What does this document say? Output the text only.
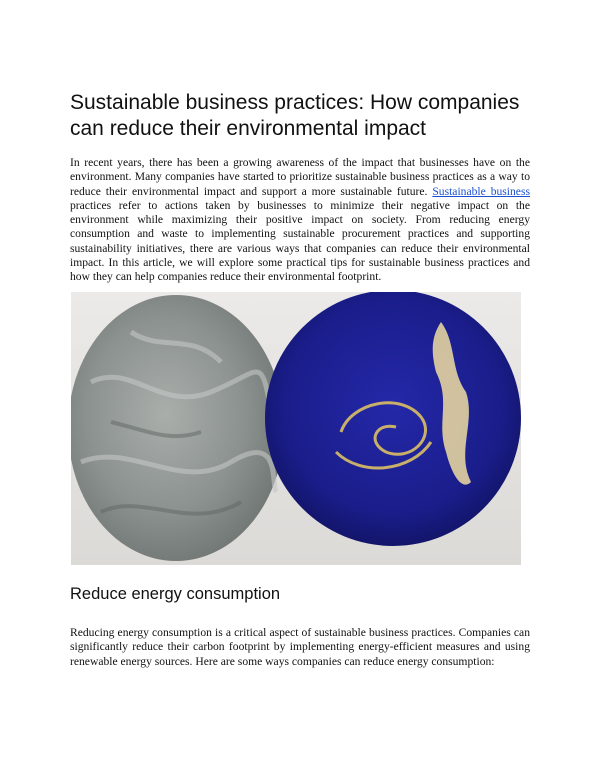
Sustainable business practices: How companies can reduce their environmental impact

In recent years, there has been a growing awareness of the impact that businesses have on the environment. Many companies have started to prioritize sustainable business practices as a way to reduce their environmental impact and support a more sustainable future. Sustainable business practices refer to actions taken by businesses to minimize their negative impact on the environment while maximizing their positive impact on society. From reducing energy consumption and waste to implementing sustainable procurement practices and supporting sustainability initiatives, there are various ways that companies can reduce their environmental impact. In this article, we will explore some practical tips for sustainable business practices and how they can help companies reduce their environmental footprint.

Reduce energy consumption

Reducing energy consumption is a critical aspect of sustainable business practices. Companies can significantly reduce their carbon footprint by implementing energy-efficient measures and using renewable energy sources. Here are some ways companies can reduce energy consumption:
